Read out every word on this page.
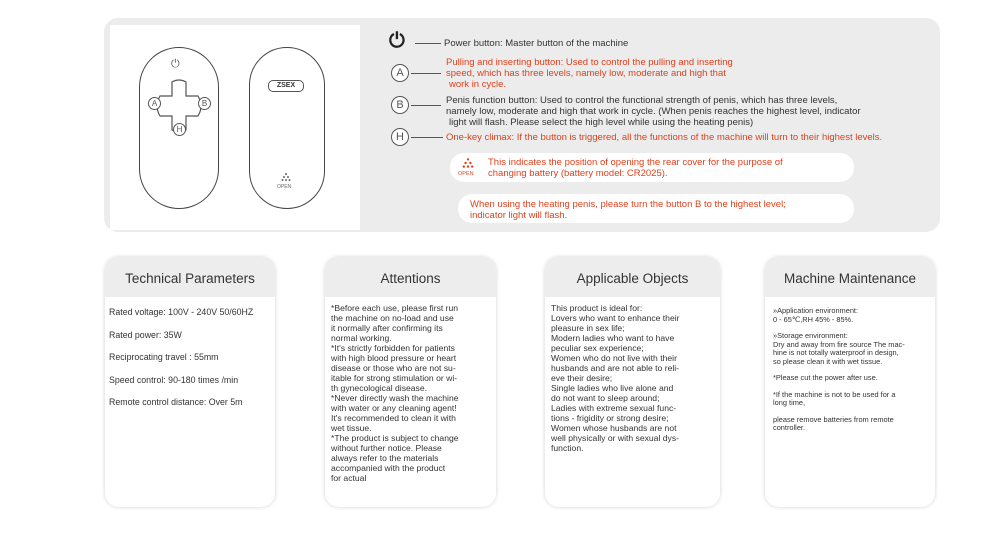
⏻
A	B
H
ZSEX
OPEN
⏻	Power button: Master button of the machine
A
Pulling and inserting button: Used to control the pulling and inserting
speed, which has three levels, namely low, moderate and high that
work in cycle.
B	Penis function button: Used to control the functional strength of penis, which has three levels,
namely low, moderate and high that work in cycle. (When penis reaches the highest level, indicator
light will flash. Please select the high level while using the heating penis)
H	One-key climax: If the button is triggered, all the functions of the machine will turn to their highest levels.
OPEN
This indicates the position of opening the rear cover for the purpose of
changing battery (battery model: CR2025).
When using the heating penis, please turn the button B to the highest level;
indicator light will flash.
Technical Parameters
Rated voltage: 100V - 240V 50/60HZ
Rated power: 35W
Reciprocating travel : 55mm
Speed control: 90-180 times /min
Remote control distance: Over 5m
Attentions
*Before each use, please first run
the machine on no-load and use
it normally after confirming its
normal working.
*It's strictly forbidden for patients
with high blood pressure or heart
disease or those who are not su-
itable for strong stimulation or wi-
th gynecological disease.
*Never directly wash the machine
with water or any cleaning agent!
It's recommended to clean it with
wet tissue.
*The product is subject to change
without further notice. Please
always refer to the materials
accompanied with the product
for actual
Applicable Objects
This product is ideal for:
Lovers who want to enhance their
pleasure in sex life;
Modern ladies who want to have
peculiar sex experience;
Women who do not live with their
husbands and are not able to reli-
eve their desire;
Single ladies who live alone and
do not want to sleep around;
Ladies with extreme sexual func-
tions - frigidity or strong desire;
Women whose husbands are not
well physically or with sexual dys-
function.
Machine Maintenance

»Application environment:
0 - 65℃,RH 45% - 85%.

»Storage environment:
Dry and away from fire source The mac-
hine is not totally waterproof in design,
so please clean it with wet tissue.

*Please cut the power after use.

*If the machine is not to be used for a
long time,

please remove batteries from remote
controller.
